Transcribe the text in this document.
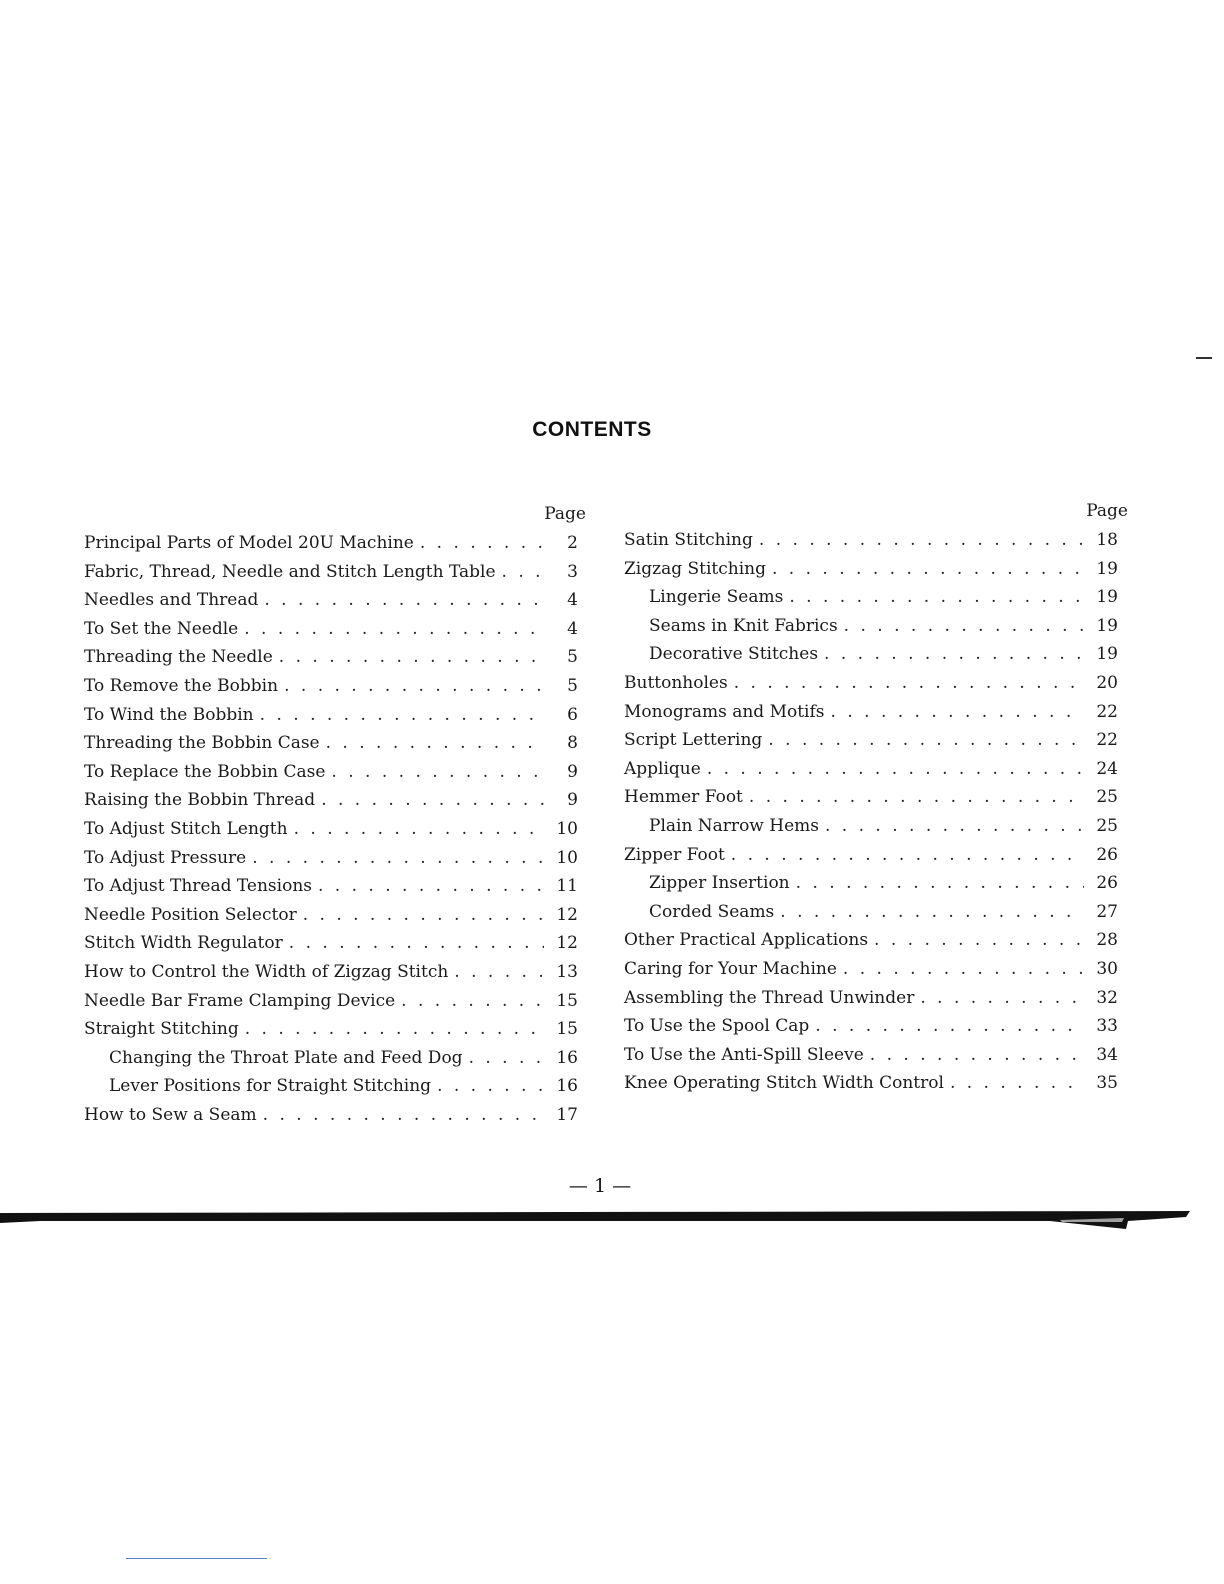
CONTENTS
Page
Principal Parts of Model 20U Machine . . .	2
Fabric, Thread, Needle and Stitch Length Table . . .	3
Needles and Thread . . .	4
To Set the Needle . . .	4
Threading the Needle . . .	5
To Remove the Bobbin . . .	5
To Wind the Bobbin . . .	6
Threading the Bobbin Case . . .	8
To Replace the Bobbin Case . . .	9
Raising the Bobbin Thread . . .	9
To Adjust Stitch Length . . .	10
To Adjust Pressure . . .	10
To Adjust Thread Tensions . . .	11
Needle Position Selector . . .	12
Stitch Width Regulator . . .	12
How to Control the Width of Zigzag Stitch . . .	13
Needle Bar Frame Clamping Device . . .	15
Straight Stitching . . .	15
Changing the Throat Plate and Feed Dog . . .	16
Lever Positions for Straight Stitching . . .	16
How to Sew a Seam . . .	17
Page
Satin Stitching . . .	18
Zigzag Stitching . . .	19
Lingerie Seams . . .	19
Seams in Knit Fabrics . . .	19
Decorative Stitches . . .	19
Buttonholes . . .	20
Monograms and Motifs . . .	22
Script Lettering . . .	22
Applique . . .	24
Hemmer Foot . . .	25
Plain Narrow Hems . . .	25
Zipper Foot . . .	26
Zipper Insertion . . .	26
Corded Seams . . .	27
Other Practical Applications . . .	28
Caring for Your Machine . . .	30
Assembling the Thread Unwinder . . .	32
To Use the Spool Cap . . .	33
To Use the Anti-Spill Sleeve . . .	34
Knee Operating Stitch Width Control . . .	35
— 1 —
